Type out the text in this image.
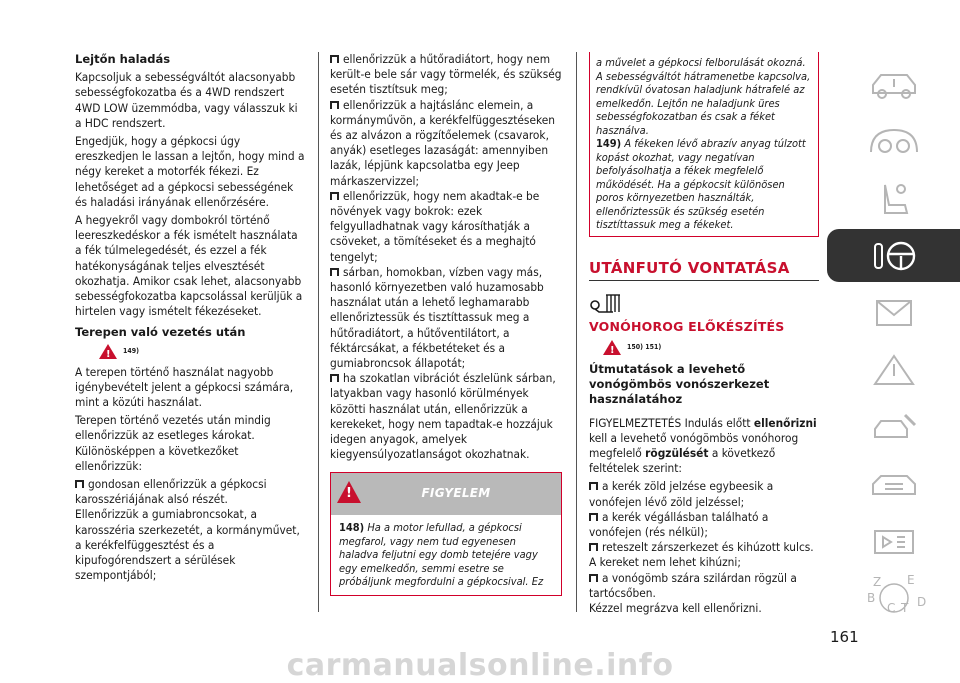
Lejtőn haladás

Kapcsoljuk a sebességváltót alacsonyabb sebességfokozatba és a 4WD rendszert 4WD LOW üzemmódba, vagy válasszuk ki a HDC rendszert.

Engedjük, hogy a gépkocsi úgy ereszkedjen le lassan a lejtőn, hogy mind a négy kereket a motorfék fékezi. Ez lehetőséget ad a gépkocsi sebességének és haladási irányának ellenőrzésére.

A hegyekről vagy dombokról történő leereszkedéskor a fék ismételt használata a fék túlmelegedését, és ezzel a fék hatékonyságának teljes elvesztését okozhatja. Amikor csak lehet, alacsonyabb sebességfokozatba kapcsolással kerüljük a hirtelen vagy ismételt fékezéseket.

Terepen való vezetés után

!149)

A terepen történő használat nagyobb igénybevételt jelent a gépkocsi számára, mint a közúti használat.

Terepen történő vezetés után mindig ellenőrizzük az esetleges károkat. Különösképpen a következőket ellenőrizzük:

gondosan ellenőrizzük a gépkocsi karosszériájának alsó részét.

Ellenőrizzük a gumiabroncsokat, a karosszéria szerkezetét, a kormányművet, a kerékfelfüggesztést és a kipufogórendszert a sérülések szempontjából;

ellenőrizzük a hűtőradiátort, hogy nem került-e bele sár vagy törmelék, és szükség esetén tisztítsuk meg;

ellenőrizzük a hajtáslánc elemein, a kormányművön, a kerékfelfüggesztéseken és az alvázon a rögzítőelemek (csavarok, anyák) esetleges lazaságát: amennyiben lazák, lépjünk kapcsolatba egy Jeep márkaszervizzel;

ellenőrizzük, hogy nem akadtak-e be növények vagy bokrok: ezek felgyulladhatnak vagy károsíthatják a csöveket, a tömítéseket és a meghajtó tengelyt;

sárban, homokban, vízben vagy más, hasonló környezetben való huzamosabb használat után a lehető leghamarabb ellenőriztessük és tisztíttassuk meg a hűtőradiátort, a hűtőventilátort, a féktárcsákat, a fékbetéteket és a gumiabroncsok állapotát;

ha szokatlan vibrációt észlelünk sárban, latyakban vagy hasonló körülmények közötti használat után, ellenőrizzük a kerekeket, hogy nem tapadtak-e hozzájuk idegen anyagok, amelyek kiegyensúlyozatlanságot okozhatnak.

!
FIGYELEM
148) Ha a motor lefullad, a gépkocsi megfarol, vagy nem tud egyenesen haladva feljutni egy domb tetejére vagy egy emelkedőn, semmi esetre se próbáljunk megfordulni a gépkocsival. Ez
a művelet a gépkocsi felborulását okozná. A sebességváltót hátramenetbe kapcsolva, rendkívül óvatosan haladjunk hátrafelé az emelkedőn. Lejtőn ne haladjunk üres sebességfokozatban és csak a féket használva.
149) A fékeken lévő abrazív anyag túlzott kopást okozhat, vagy negatívan befolyásolhatja a fékek megfelelő működését. Ha a gépkocsit különösen poros környezetben használták, ellenőriztessük és szükség esetén tisztíttassuk meg a fékeket.
UTÁNFUTÓ VONTATÁSA
VONÓHOROG ELŐKÉSZÍTÉS
!150) 151)

Útmutatások a levehető vonógömbös vonószerkezet használatához

FIGYELMEZTETÉS Indulás előtt ellenőrizni kell a levehető vonógömbös vonóhorog megfelelő rögzülését a következő feltételek szerint:

a kerék zöld jelzése egybeesik a vonófejen lévő zöld jelzéssel;

a kerék végállásban található a vonófejen (rés nélkül);

reteszelt zárszerkezet és kihúzott kulcs. A kereket nem lehet kihúzni;

a vonógömb szára szilárdan rögzül a tartócsőben.

Kézzel megrázva kell ellenőrizni.

Z E
B
C T D
161
carmanualsonline.info
